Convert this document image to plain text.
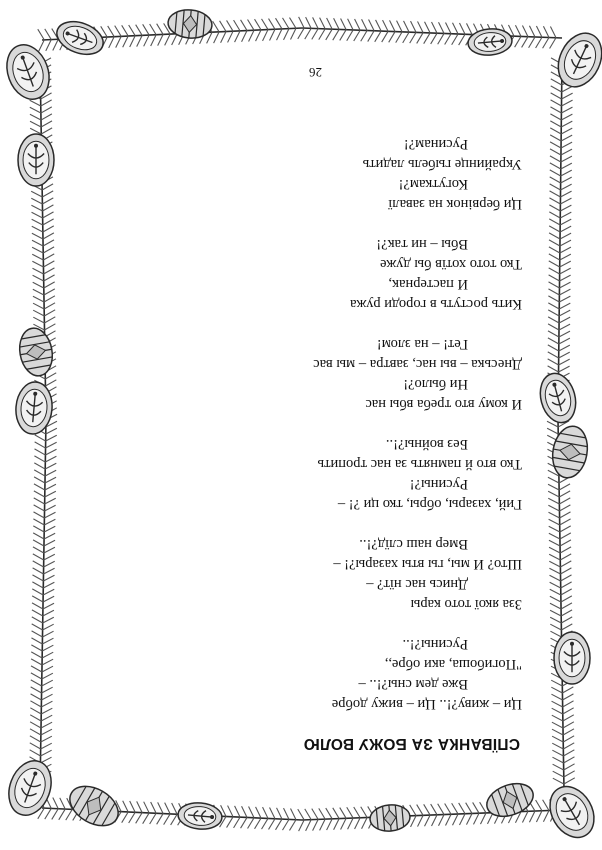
СПЇВАНКА ЗА БОЖУ ВОЛЮ
Ци – живу?!.. Ци – вижу добре
Вже дем сны?!.. –
"Погибоша, аки обре,,
Русины?!..
Зза якої тото кары
Днись нас нїт? –
Што? И мы, гы вты хазары?! –
Вмер наш слїд?!..
Гий, хазары, обры, тко ци ?! –
Русины?!
Тко вто й памнять за нас тропить
Без войны?!..
И кому вто треба вбы нас
Ни было?!
Днеська – вы нас, завтра – мы вас
Гет! – на злом!
Кить ростуть в городи ружа
И пастернак,
Тко тото хотїв бы дуже
Вбы – ни так?!
Ци бервінок на завалї
Когуткам?!
Украйинце гыбель ладить
Русинам?!
26
